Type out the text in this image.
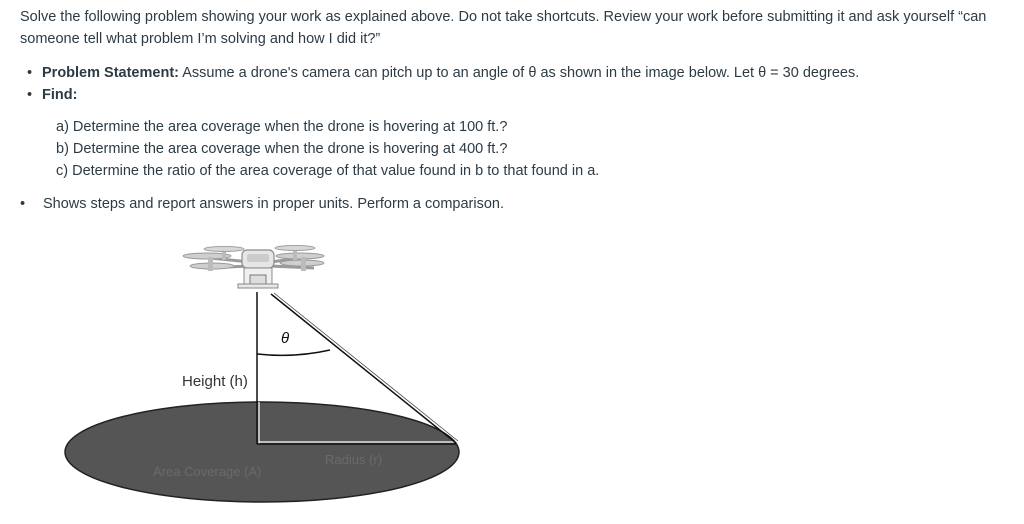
Solve the following problem showing your work as explained above. Do not take shortcuts. Review your work before submitting it and ask yourself “can someone tell what problem I’m solving and how I did it?”

• Problem Statement: Assume a drone's camera can pitch up to an angle of θ as shown in the image below. Let θ = 30 degrees.
• Find:
a) Determine the area coverage when the drone is hovering at 100 ft.?
b) Determine the area coverage when the drone is hovering at 400 ft.?
c) Determine the ratio of the area coverage of that value found in b to that found in a.
• Shows steps and report answers in proper units. Perform a comparison.
θ
Height (h)
Radius (r)
Area Coverage (A)
